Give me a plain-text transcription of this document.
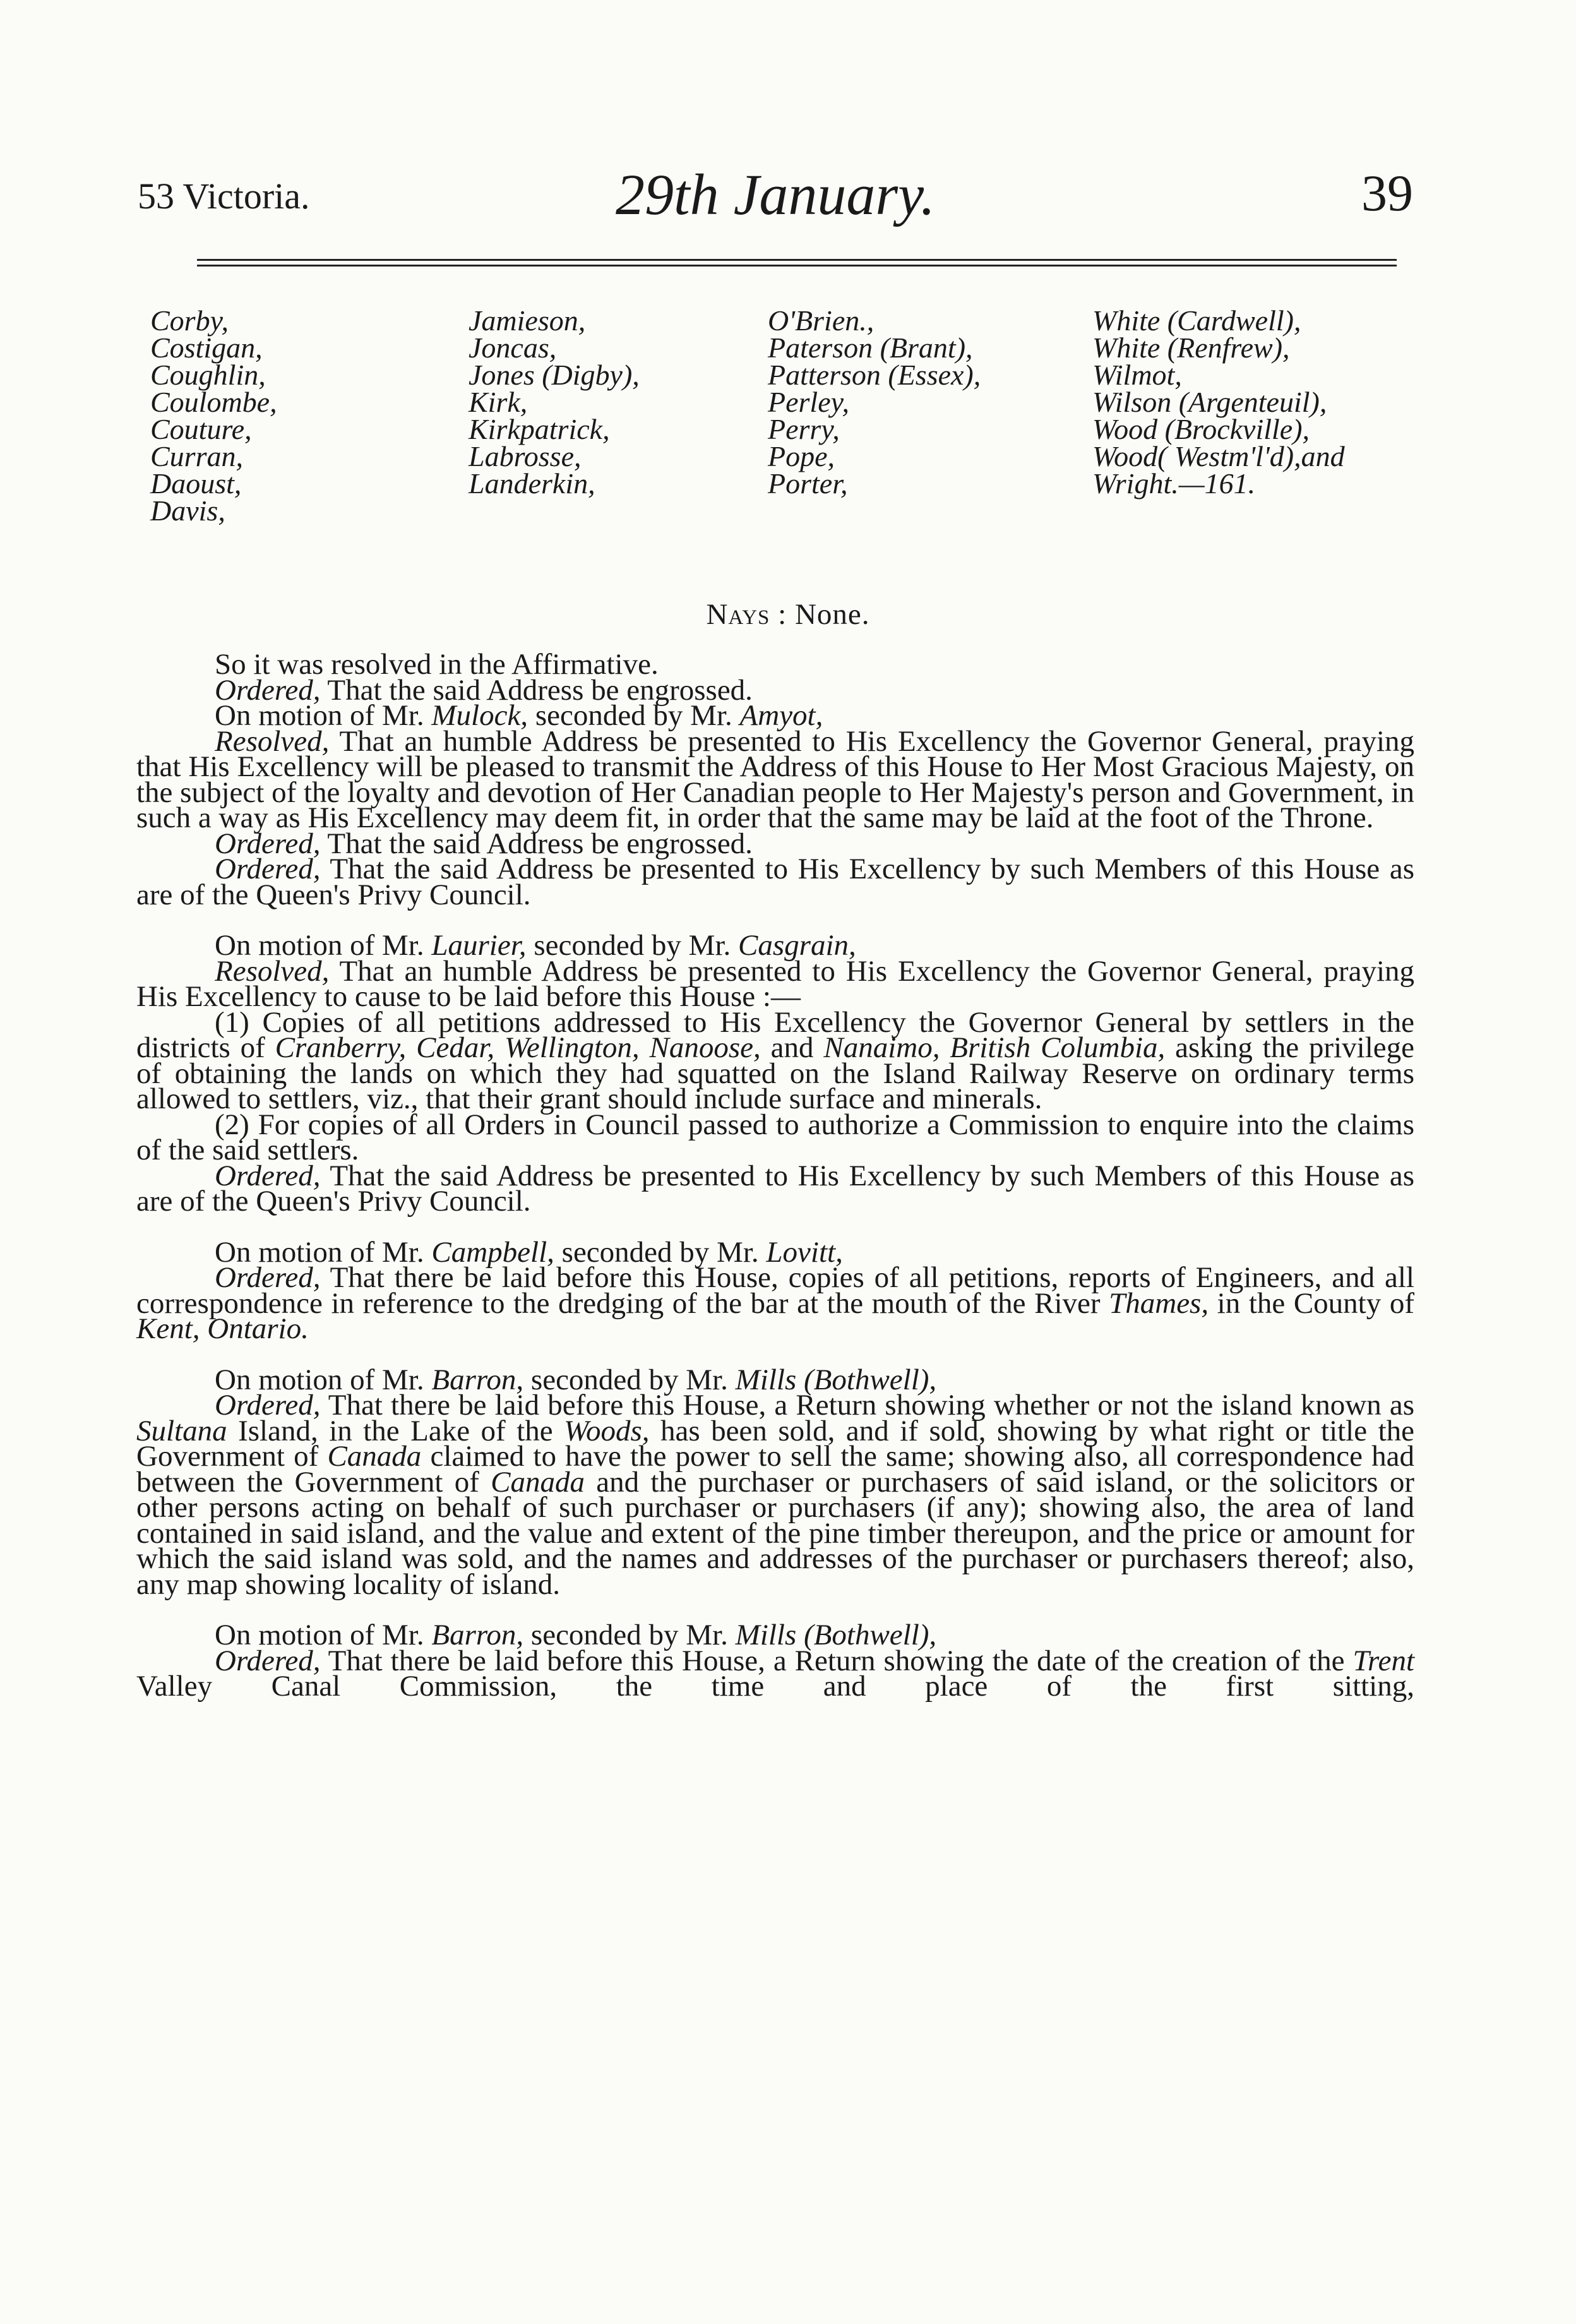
53 Victoria.	29th January.	39
Corby,
Costigan,
Coughlin,
Coulombe,
Couture,
Curran,
Daoust,
Davis,
Jamieson,
Joncas,
Jones (Digby),
Kirk,
Kirkpatrick,
Labrosse,
Landerkin,
O'Brien.,
Paterson (Brant),
Patterson (Essex),
Perley,
Perry,
Pope,
Porter,
White (Cardwell),
White (Renfrew),
Wilmot,
Wilson (Argenteuil),
Wood (Brockville),
Wood( Westm'l'd),and
Wright.—161.
Nays : None.

So it was resolved in the Affirmative.

Ordered, That the said Address be engrossed.

On motion of Mr. Mulock, seconded by Mr. Amyot,

Resolved, That an humble Address be presented to His Excellency the Governor General, praying that His Excellency will be pleased to transmit the Address of this House to Her Most Gracious Majesty, on the subject of the loyalty and devotion of Her Canadian people to Her Majesty's person and Government, in such a way as His Excellency may deem fit, in order that the same may be laid at the foot of the Throne.

Ordered, That the said Address be engrossed.

Ordered, That the said Address be presented to His Excellency by such Members of this House as are of the Queen's Privy Council.

On motion of Mr. Laurier, seconded by Mr. Casgrain,

Resolved, That an humble Address be presented to His Excellency the Governor General, praying His Excellency to cause to be laid before this House :—

(1) Copies of all petitions addressed to His Excellency the Governor General by settlers in the districts of Cranberry, Cedar, Wellington, Nanoose, and Nanaimo, British Columbia, asking the privilege of obtaining the lands on which they had squatted on the Island Railway Reserve on ordinary terms allowed to settlers, viz., that their grant should include surface and minerals.

(2) For copies of all Orders in Council passed to authorize a Commission to enquire into the claims of the said settlers.

Ordered, That the said Address be presented to His Excellency by such Members of this House as are of the Queen's Privy Council.

On motion of Mr. Campbell, seconded by Mr. Lovitt,

Ordered, That there be laid before this House, copies of all petitions, reports of Engineers, and all correspondence in reference to the dredging of the bar at the mouth of the River Thames, in the County of Kent, Ontario.

On motion of Mr. Barron, seconded by Mr. Mills (Bothwell),

Ordered, That there be laid before this House, a Return showing whether or not the island known as Sultana Island, in the Lake of the Woods, has been sold, and if sold, showing by what right or title the Government of Canada claimed to have the power to sell the same; showing also, all correspondence had between the Government of Canada and the purchaser or purchasers of said island, or the solicitors or other persons acting on behalf of such purchaser or purchasers (if any); showing also, the area of land contained in said island, and the value and extent of the pine timber thereupon, and the price or amount for which the said island was sold, and the names and addresses of the purchaser or purchasers thereof; also, any map showing locality of island.

On motion of Mr. Barron, seconded by Mr. Mills (Bothwell),

Ordered, That there be laid before this House, a Return showing the date of the creation of the Trent Valley Canal Commission, the time and place of the first sitting,
